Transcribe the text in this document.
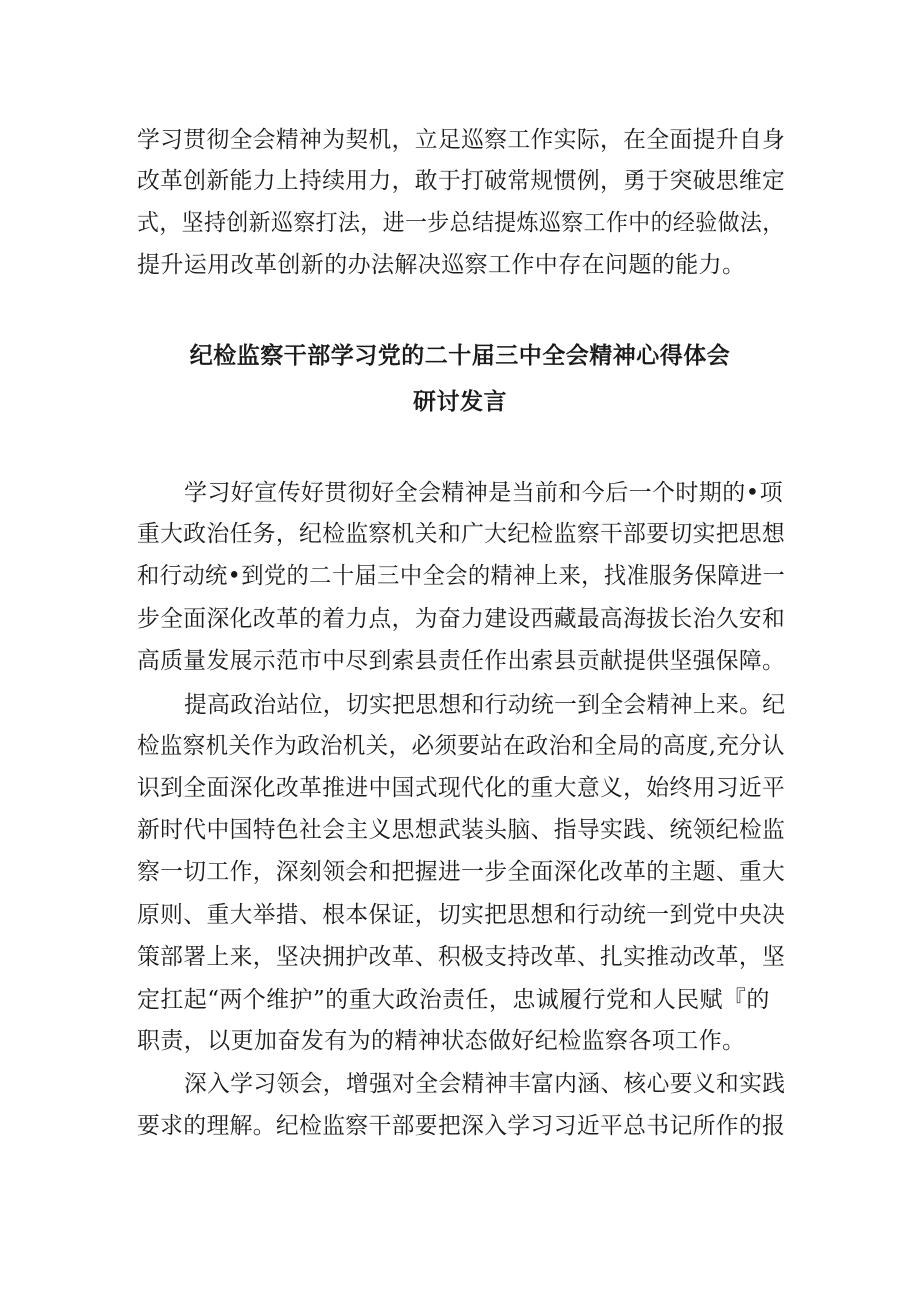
学习贯彻全会精神为契机，立足巡察工作实际，在全面提升自身
改革创新能力上持续用力，敢于打破常规惯例，勇于突破思维定
式，坚持创新巡察打法，进一步总结提炼巡察工作中的经验做法，
提升运用改革创新的办法解决巡察工作中存在问题的能力。
纪检监察干部学习党的二十届三中全会精神心得体会
研讨发言
学习好宣传好贯彻好全会精神是当前和今后一个时期的•项
重大政治任务，纪检监察机关和广大纪检监察干部要切实把思想
和行动统•到党的二十届三中全会的精神上来，找准服务保障进一
步全面深化改革的着力点，为奋力建设西藏最高海拔长治久安和
高质量发展示范市中尽到索县责任作出索县贡献提供坚强保障。
提高政治站位，切实把思想和行动统一到全会精神上来。纪
检监察机关作为政治机关，必须要站在政治和全局的高度,充分认
识到全面深化改革推进中国式现代化的重大意义，始终用习近平
新时代中国特色社会主义思想武装头脑、指导实践、统领纪检监
察一切工作，深刻领会和把握进一步全面深化改革的主题、重大
原则、重大举措、根本保证，切实把思想和行动统一到党中央决
策部署上来，坚决拥护改革、积极支持改革、扎实推动改革，坚
定扛起“两个维护”的重大政治责任，忠诚履行党和人民赋『的
职责，以更加奋发有为的精神状态做好纪检监察各项工作。
深入学习领会，增强对全会精神丰富内涵、核心要义和实践
要求的理解。纪检监察干部要把深入学习习近平总书记所作的报
